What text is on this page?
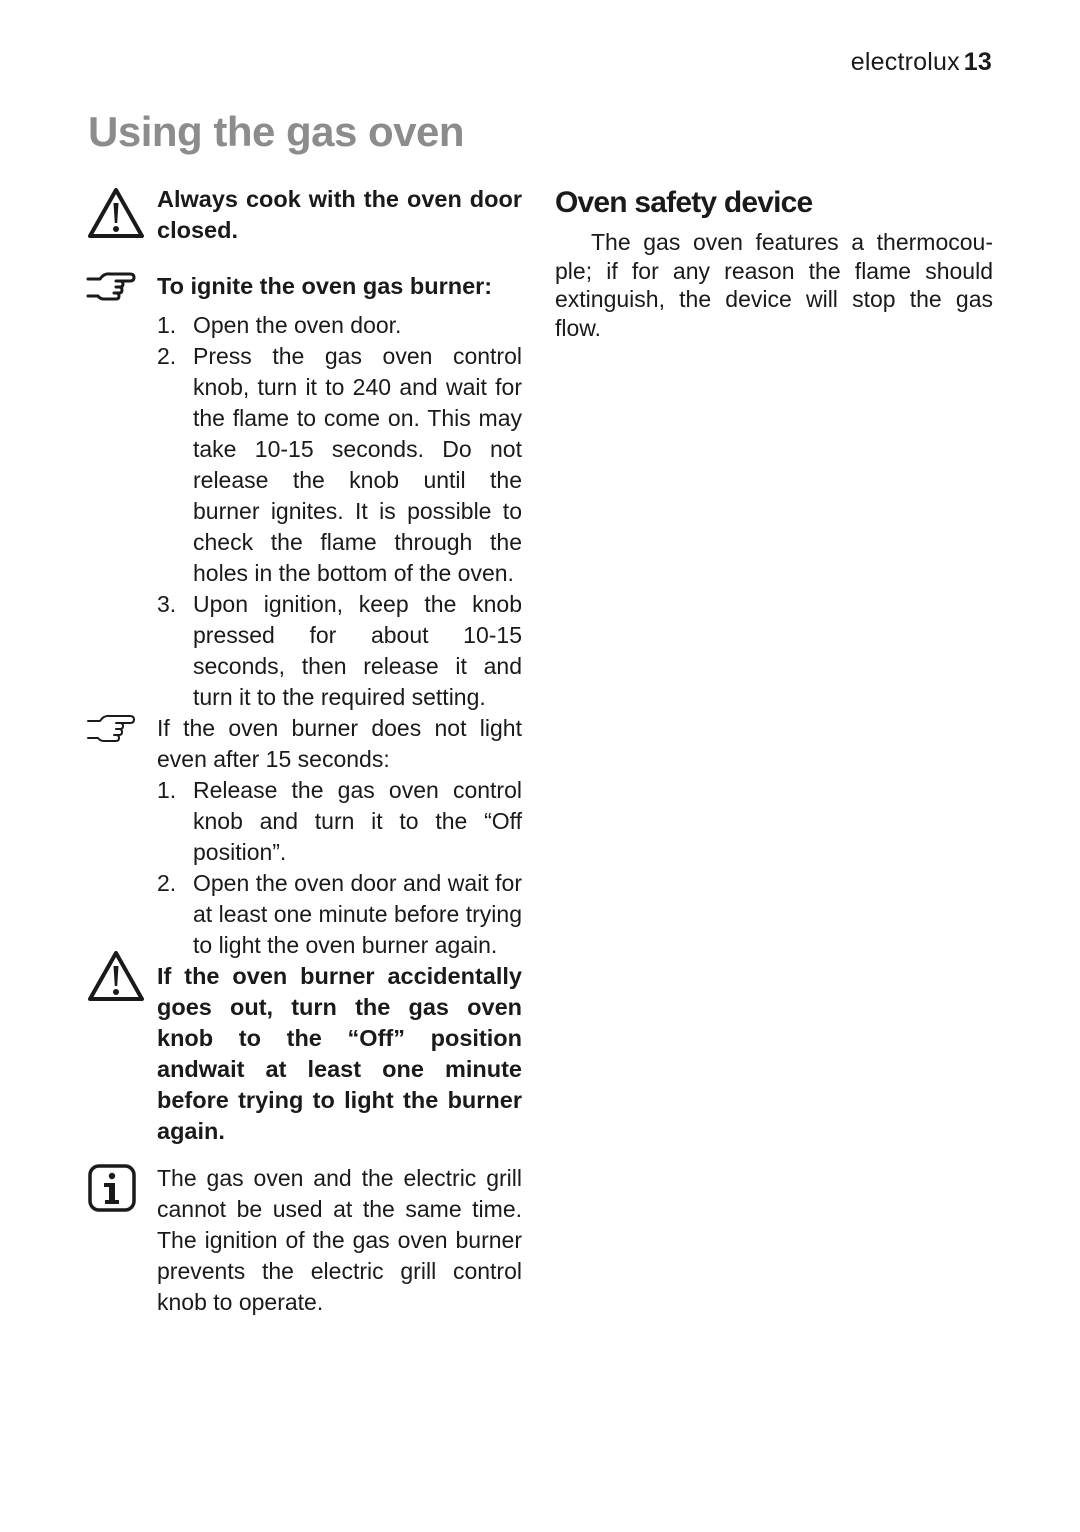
electrolux 13
Using the gas oven
Always cook with the oven door closed.
To ignite the oven gas burner:
1. Open the oven door.
2. Press the gas oven control knob, turn it to 240 and wait for the flame to come on. This may take 10-15 seconds. Do not release the knob until the burner ignites. It is possible to check the flame through the holes in the bottom of the oven.
3. Upon ignition, keep the knob pressed for about 10-15 seconds, then release it and turn it to the required setting.
If the oven burner does not light even after 15 seconds:
1. Release the gas oven control knob and turn it to the “Off position”.
2. Open the oven door and wait for at least one minute before trying to light the oven burner again.
If the oven burner accidentally goes out, turn the gas oven knob to the “Off” position andwait at least one minute before trying to light the burner again.
The gas oven and the electric grill cannot be used at the same time. The ignition of the gas oven burner prevents the electric grill control knob to operate.
Oven safety device

The gas oven features a thermocou-ple; if for any reason the flame should extinguish, the device will stop the gas flow.
